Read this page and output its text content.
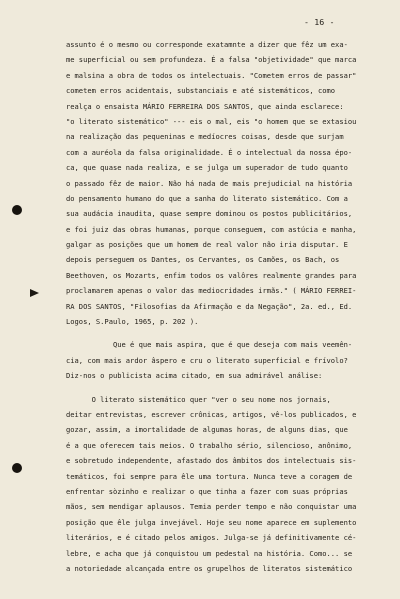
- 16 -
assunto é o mesmo ou corresponde exatamnte a dizer que fêz um exa-
me superficial ou sem profundeza. É a falsa "objetividade" que marca
e malsina a obra de todos os intelectuais. "Cometem erros de passar"
cometem erros acidentais, substanciais e até sistemáticos, como
realça o ensaista MÁRIO FERREIRA DOS SANTOS, que ainda esclarece:
"o literato sistemático" --- eis o mal, eis "o homem que se extasiou
na realização das pequeninas e medíocres coisas, desde que surjam
com a auréola da falsa originalidade. É o intelectual da nossa épo-
ca, que quase nada realiza, e se julga um superador de tudo quanto
o passado fêz de maior. Não há nada de mais prejudicial na história
do pensamento humano do que a sanha do literato sistemático. Com a
sua audácia inaudita, quase sempre dominou os postos publicitários,
e foi juiz das obras humanas, porque conseguem, com astúcia e manha,
galgar as posições que um homem de real valor não iria disputar. E
depois perseguem os Dantes, os Cervantes, os Camões, os Bach, os
Beethoven, os Mozarts, enfim todos os valôres realmente grandes para
proclamarem apenas o valor das mediocridades irmãs." ( MÁRIO FERREI-
RA DOS SANTOS, "Filosofias da Afirmação e da Negação", 2a. ed., Ed.
Logos, S.Paulo, 1965, p. 202 ).
Que é que mais aspira, que é que deseja com mais veemên-
cia, com mais ardor âspero e cru o literato superficial e frívolo?
Diz-nos o publicista acima citado, em sua admirável análise:
O literato sistemático quer "ver o seu nome nos jornais,
deitar entrevistas, escrever crônicas, artigos, vê-los publicados, e
gozar, assim, a imortalidade de algumas horas, de alguns dias, que
é a que oferecem tais meios. O trabalho sério, silencioso, anônimo,
e sobretudo independente, afastado dos âmbitos dos intelectuais sis-
temáticos, foi sempre para êle uma tortura. Nunca teve a coragem de
enfrentar sòzinho e realizar o que tinha a fazer com suas próprias
mãos, sem mendigar aplausos. Temia perder tempo e não conquistar uma
posição que êle julga invejável. Hoje seu nome aparece em suplemento
literários, e é citado pelos amigos. Julga-se já definitivamente cé-
lebre, e acha que já conquistou um pedestal na história. Como... se
a notoriedade alcançada entre os grupelhos de literatos sistemático
